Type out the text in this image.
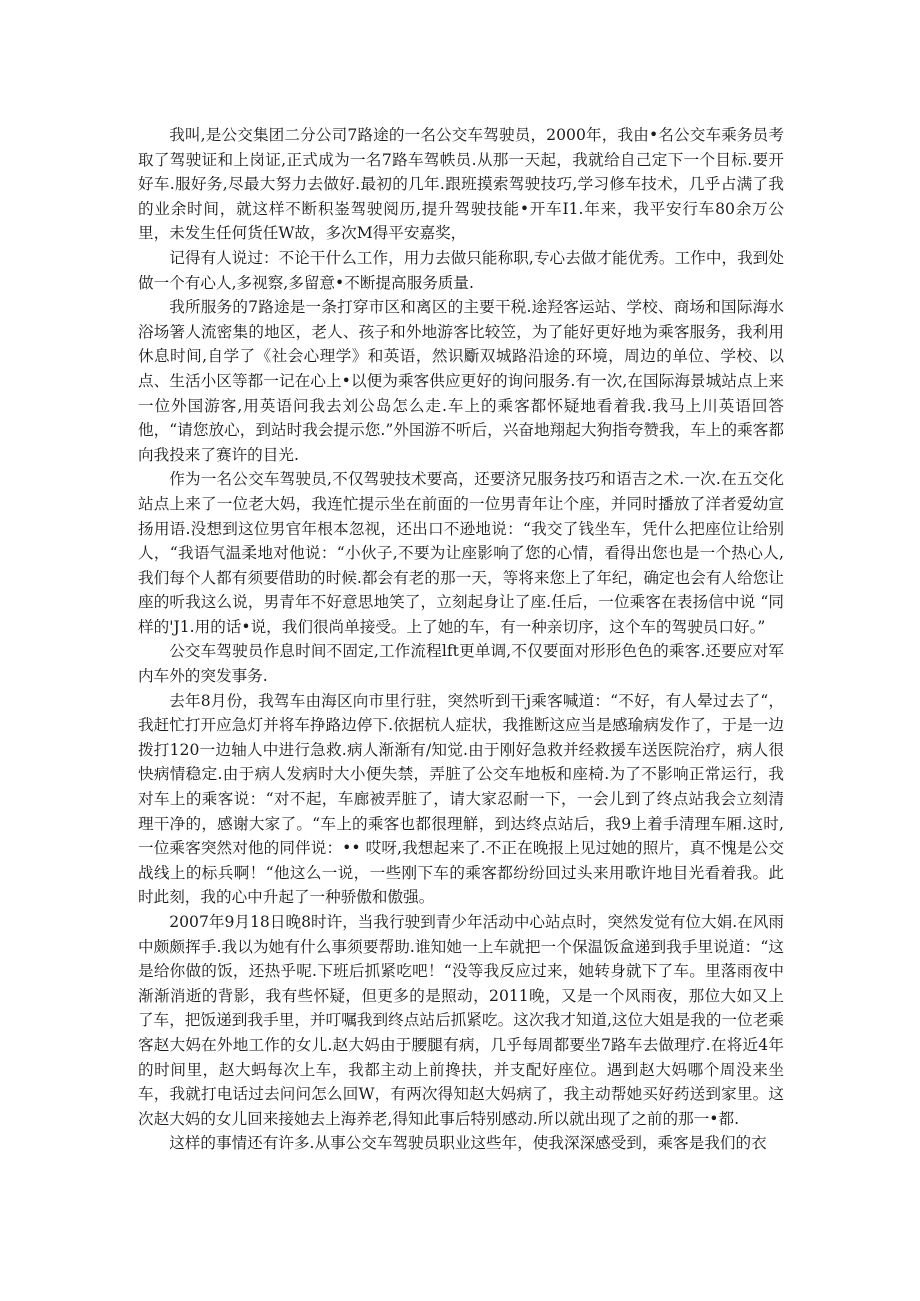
我叫,是公交集团二分公司7路途的一名公交车驾驶员，2000年，我由•名公交车乘务员考取了驾驶证和上岗证,正式成为一名7路车驾帙员.从那一天起，我就给自己定下一个目标.要开好车.服好务,尽最大努力去做好.最初的几年.跟班摸索驾驶技巧,学习修车技术，几乎占满了我的业余时间，就这样不断积崟驾驶阅历,提升驾驶技能•开车I1.年来，我平安行车80余万公里，未发生任何货任W故，多次M得平安嘉奖，

记得有人说过：不论干什么工作，用力去做只能称职,专心去做才能优秀。工作中，我到处做一个有心人,多视察,多留意•不断提高服务质量.

我所服务的7路途是一条打穿市区和离区的主要干税.途羟客运站、学校、商场和国际海水浴场箸人流密集的地区，老人、孩子和外地游客比较笠，为了能好更好地为乘客服务，我利用休息时间,自学了《社会心理学》和英语，然识斸双城路沿途的环境，周边的单位、学校、以点、生活小区等都一记在心上•以便为乘客供应更好的询问服务.有一次,在国际海景城站点上来一位外国游客,用英语问我去刘公岛怎么走.车上的乘客都怀疑地看着我.我马上川英语回答他，“请您放心，到站时我会提示您.”外国游不听后，兴奋地翔起大狗指夸赞我，车上的乘客都向我投来了赛许的目光.

作为一名公交车驾驶员,不仅驾驶技术要高，还要济兄服务技巧和语吉之术.一次.在五交化站点上来了一位老大妈，我连忙提示坐在前面的一位男青年让个座，并同时播放了洋者爱幼宣扬用语.没想到这位男官年根本忽视，还出口不逊地说：“我交了钱坐车，凭什么把座位让给别人，“我语气温柔地对他说：“小伙子,不要为让座影响了您的心情，看得出您也是一个热心人,我们每个人都有须要借助的时候.都会有老的那一天，等将来您上了年纪，确定也会有人给您让座的听我这么说，男青年不好意思地笑了，立刻起身让了座.任后，一位乘客在表扬信中说 “同样的'J1.用的话•说，我们很尚单接受。上了她的车，有一种亲切序，这个车的驾驶员口好。”

公交车驾驶员作息时间不固定,工作流程lft更单调,不仅要面对形形色色的乘客.还要应对军内车外的突发事务.

去年8月份，我驾车由海区向市里行驻，突然听到干j乘客喊道：“不好，有人晕过去了“，我赶忙打开应急灯并将车挣路边停下.依据杭人症状，我推断这应当是感瑜病发作了，于是一边拨打120一边轴人中进行急救.病人渐渐有/知觉.由于刚好急救并经救援车送医院治疗，病人很快病情稳定.由于病人发病时大小便失禁，弄脏了公交车地板和座椅.为了不影响正常运行，我对车上的乘客说：“对不起，车廊被弄脏了，请大家忍耐一下，一会儿到了终点站我会立刻清理干净的，感谢大家了。“车上的乘客也都很理觧，到达终点站后，我9上着手清理车厢.这时,一位乘客突然对他的同伴说：•• 哎呀,我想起来了.不正在晚报上见过她的照片，真不愧是公交战线上的标兵啊！“他这么一说，一些刚下车的乘客都纷纷回过头来用歌许地目光看着我。此时此刻，我的心中升起了一种骄傲和傲强。

2007年9月18日晚8时许，当我行驶到青少年活动中心站点时，突然发觉有位大娟.在风雨中颇颇挥手.我以为她有什么事须要帮助.谁知她一上车就把一个保温饭盒递到我手里说道：“这是给你做的饭，还热乎呢.下班后抓紧吃吧！“没等我反应过来，她转身就下了车。里落雨夜中渐渐消逝的背影，我有些怀疑，但更多的是照动，2011晚，又是一个风雨夜，那位大如又上了车，把饭递到我手里，并叮嘱我到终点站后抓紧吃。这次我才知道,这位大姐是我的一位老乘客赵大妈在外地工作的女儿.赵大妈由于腰腿有病，几乎每周都要坐7路车去做理疗.在将近4年的时间里，赵大蚂每次上车，我都主动上前搀扶，并支配好座位。遇到赵大妈哪个周没来坐车，我就打电话过去问问怎么回W，有两次得知赵大妈病了，我主动帮她买好药送到家里。这次赵大妈的女儿回来接她去上海养老,得知此事后特别感动.所以就出现了之前的那一•都.

这样的事情还有许多.从事公交车驾驶员职业这些年，使我深深感受到，乘客是我们的衣
